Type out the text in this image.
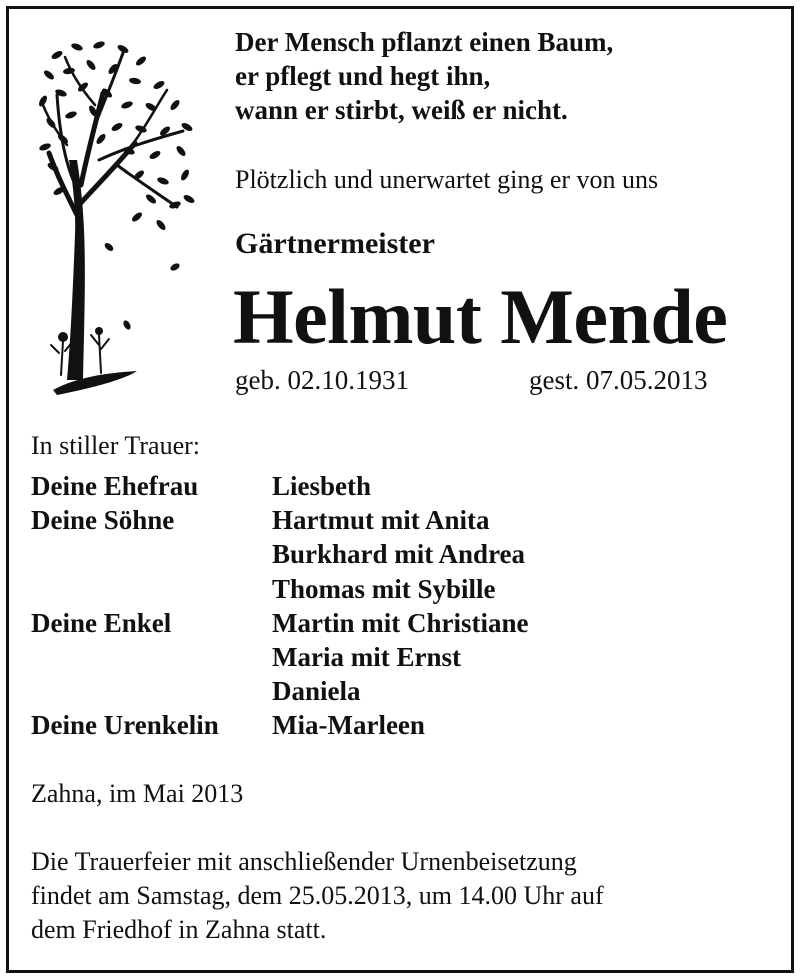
Der Mensch pflanzt einen Baum,
er pflegt und hegt ihn,
wann er stirbt, weiß er nicht.
Plötzlich und unerwartet ging er von uns
Gärtnermeister
Helmut Mende
geb. 02.10.1931	gest. 07.05.2013
In stiller Trauer:
Deine Ehefrau	Liesbeth
Deine Söhne	Hartmut mit Anita
Burkhard mit Andrea
Thomas mit Sybille
Deine Enkel	Martin mit Christiane
Maria mit Ernst
Daniela
Deine Urenkelin	Mia-Marleen
Zahna, im Mai 2013
Die Trauerfeier mit anschließender Urnenbeisetzung
findet am Samstag, dem 25.05.2013, um 14.00 Uhr auf
dem Friedhof in Zahna statt.
